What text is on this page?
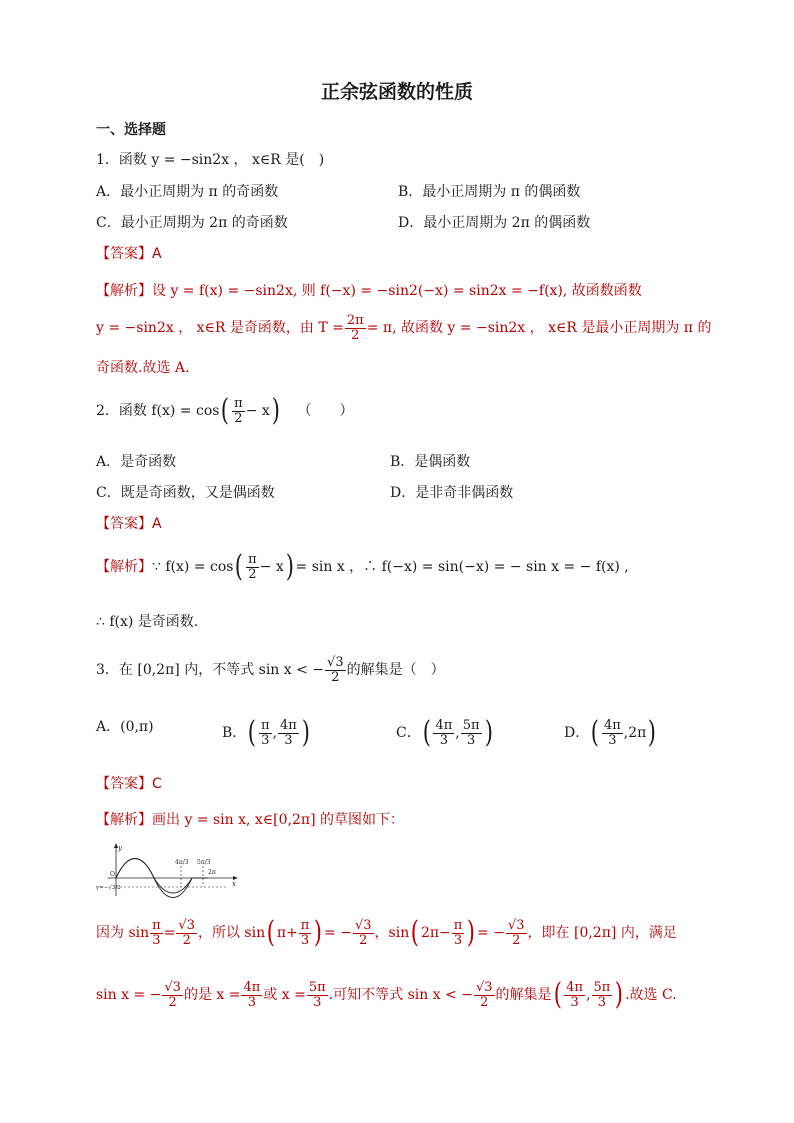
正余弦函数的性质
一、选择题
1．函数 y = −sin2x ， x∈R 是(　)
A．最小正周期为 π 的奇函数	B．最小正周期为 π 的偶函数
C．最小正周期为 2π 的奇函数	D．最小正周期为 2π 的偶函数
【答案】A
【解析】设 y = f(x) = −sin2x, 则 f(−x) = −sin2(−x) = sin2x = −f(x), 故函数函数
y = −sin2x ， x∈R 是奇函数，由 $T = \frac{2\pi}{2} = \pi$, 故函数 y = −sin2x ， x∈R 是最小正周期为 π 的
奇函数.故选 A.
2．函数 f(x) = cos ( $\frac{\pi}{2} - x$ ) （　　）
A．是奇函数	B．是偶函数
C．既是奇函数，又是偶函数	D．是非奇非偶函数
【答案】A
【解析】 ∵ f(x) = cos ( $\frac{\pi}{2} - x$ ) = sin x ，∴ f(−x) = sin(−x) = − sin x = − f(x) ,
∴ f(x) 是奇函数.
3．在 [0,2π] 内，不等式 sin x < − $\frac{√3}{2}$ 的解集是（　）
A．(0,π)	B． ( $\frac{\pi}{3}$ , $\frac{4\pi}{3}$ )	C． ( $\frac{4\pi}{3}$ , $\frac{5\pi}{3}$ )	D． ( $\frac{4\pi}{3}$ , 2π )
【答案】C
【解析】画出 y = sin x, x∈[0,2π] 的草图如下：
y
x
O
4π/3 5π/3
2π
y=−√3/2
因为 $\sin \frac{\pi}{3} = \frac{√3}{2}$ ， 所以 sin ( $\pi+ \frac{\pi}{3}$ ) = − $\frac{√3}{2}$ ， sin ( $2\pi- \frac{\pi}{3}$ ) = − $\frac{√3}{2}$ ， 即在 [0,2π] 内，满足
sin x = − $\frac{√3}{2}$ 的是 $x = \frac{4\pi}{3}$ 或 $x = \frac{5\pi}{3}$ .可知不等式 sin x < − $\frac{√3}{2}$ 的解集是 ( $\frac{4\pi}{3}$ , $\frac{5\pi}{3}$ ) .故选 C.
